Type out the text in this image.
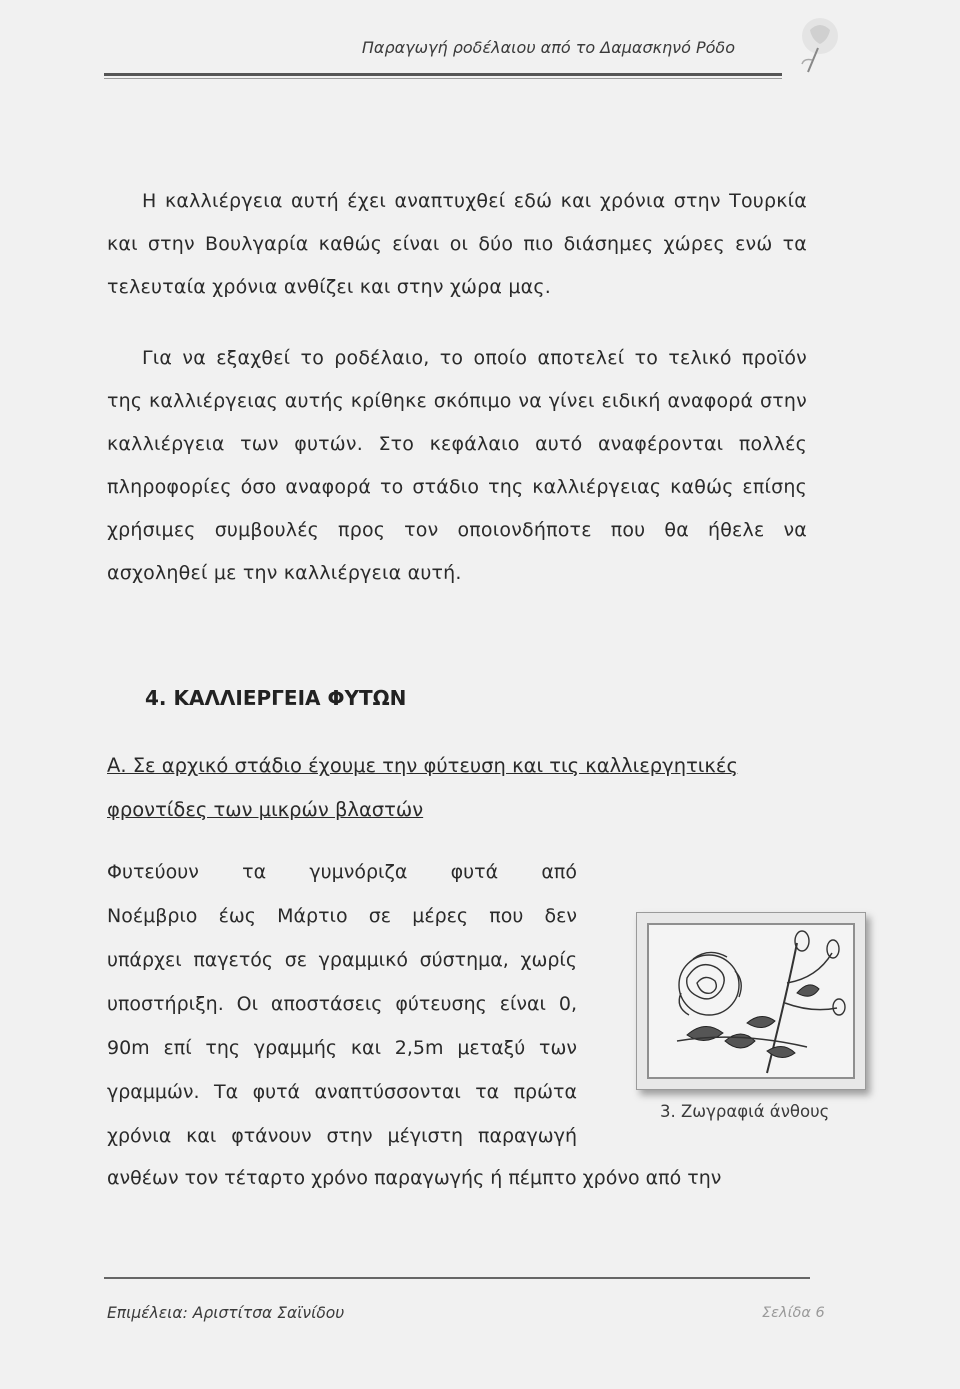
Παραγωγή ροδέλαιου από το Δαμασκηνό Ρόδο

Η καλλιέργεια αυτή έχει αναπτυχθεί εδώ και χρόνια στην Τουρκία και στην Βουλγαρία καθώς είναι οι δύο πιο διάσημες χώρες ενώ τα τελευταία χρόνια ανθίζει και στην χώρα μας.

Για να εξαχθεί το ροδέλαιο, το οποίο αποτελεί το τελικό προϊόν της καλλιέργειας αυτής κρίθηκε σκόπιμο να γίνει ειδική αναφορά στην καλλιέργεια των φυτών. Στο κεφάλαιο αυτό αναφέρονται πολλές πληροφορίες όσο αναφορά το στάδιο της καλλιέργειας καθώς επίσης χρήσιμες συμβουλές προς τον οποιονδήποτε που θα ήθελε να ασχοληθεί με την καλλιέργεια αυτή.

4. ΚΑΛΛΙΕΡΓΕΙΑ ΦΥΤΩΝ
Α. Σε αρχικό στάδιο έχουμε την φύτευση και τις καλλιεργητικές φροντίδες των μικρών βλαστών

Φυτεύουν τα γυμνόριζα φυτά από

Νοέμβριο έως Μάρτιο σε μέρες που δεν

υπάρχει παγετός σε γραμμικό σύστημα, χωρίς

υποστήριξη. Οι αποστάσεις φύτευσης είναι 0,

90m επί της γραμμής και 2,5m μεταξύ των

γραμμών. Τα φυτά αναπτύσσονται τα πρώτα

χρόνια και φτάνουν στην μέγιστη παραγωγή

ανθέων τον τέταρτο χρόνο παραγωγής ή πέμπτο χρόνο από την
3. Ζωγραφιά άνθους
Επιμέλεια: Αριστίτσα Σαϊνίδου	Σελίδα 6
